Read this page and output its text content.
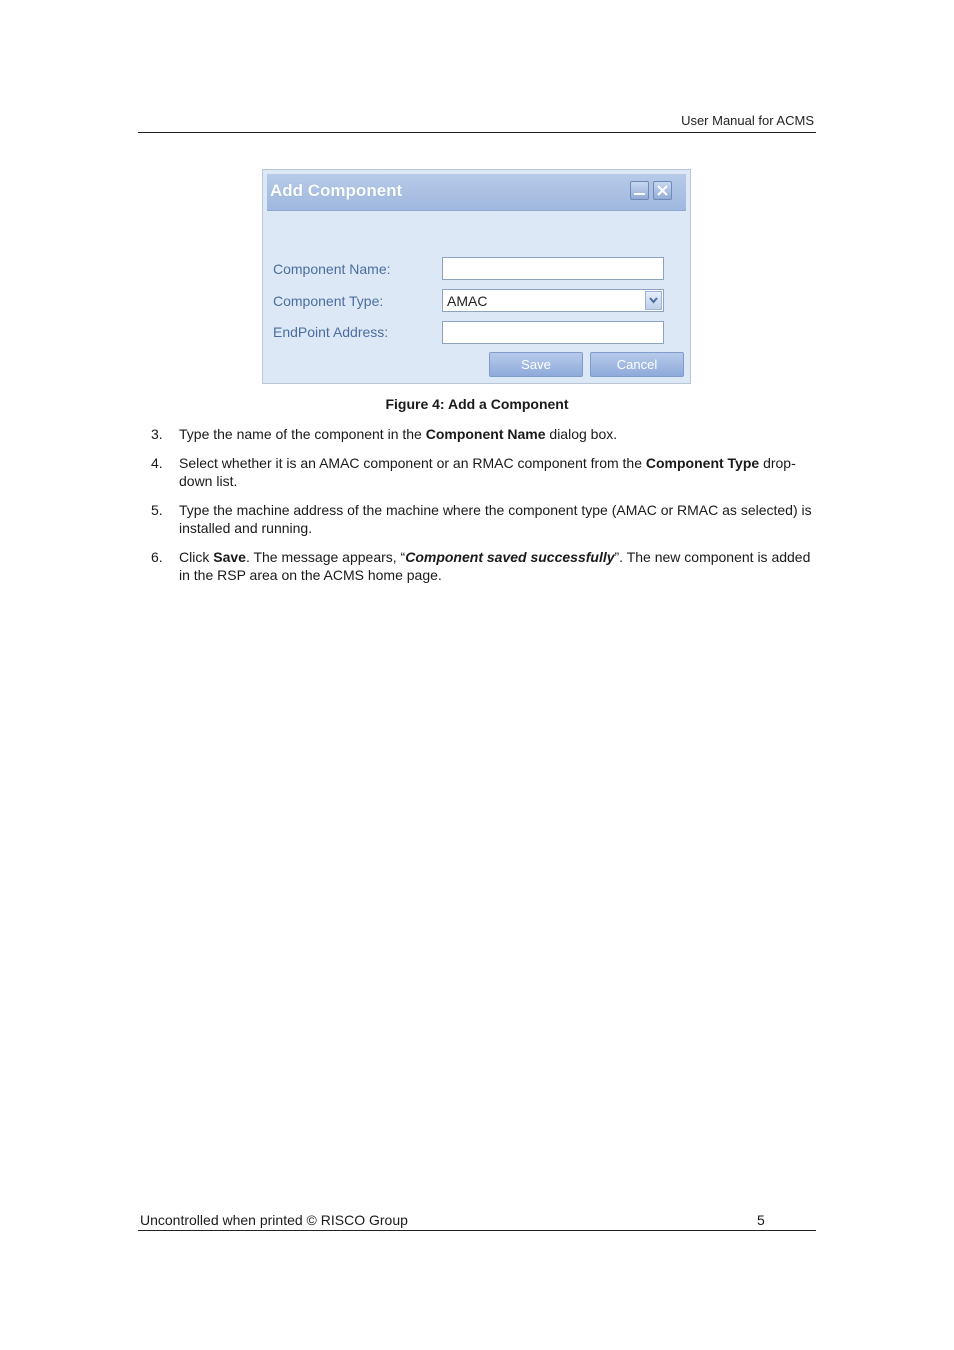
User Manual for ACMS
Add Component
Component Name:
Component Type:	AMAC
EndPoint Address:
Save	Cancel
Figure 4: Add a Component
3. Type the name of the component in the Component Name dialog box.
4. Select whether it is an AMAC component or an RMAC component from the Component Type drop-down list.
5. Type the machine address of the machine where the component type (AMAC or RMAC as selected) is installed and running.
6. Click Save. The message appears, “Component saved successfully”. The new component is added in the RSP area on the ACMS home page.
Uncontrolled when printed © RISCO Group	5
